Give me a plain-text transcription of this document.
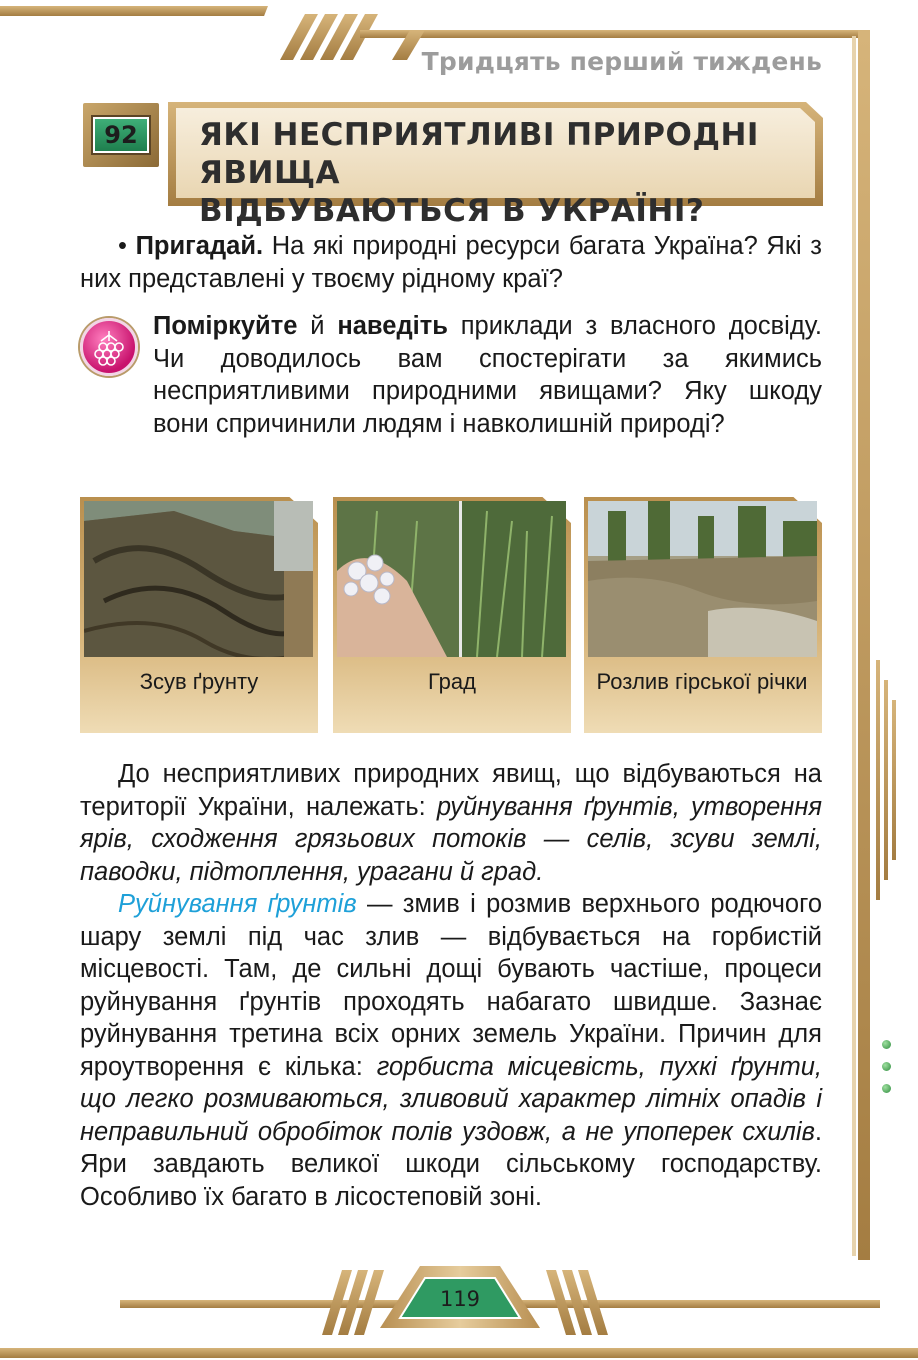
Тридцять перший тиждень
92	ЯКІ НЕСПРИЯТЛИВІ ПРИРОДНІ ЯВИЩА
ВІДБУВАЮТЬСЯ В УКРАЇНІ?
• Пригадай. На які природні ресурси багата Україна? Які з них представлені у твоєму рідному краї?
Поміркуйте й наведіть приклади з власного досвіду. Чи доводилось вам спостерігати за якимись несприятливими природними явищами? Яку шкоду вони спричинили людям і навколишній природі?
Зсув ґрунту	Град	Розлив гірської річки
До несприятливих природних явищ, що відбуваються на території України, належать: руйнування ґрунтів, утворення ярів, сходження грязьових потоків — селів, зсуви землі, паводки, підтоплення, урагани й град.
Руйнування ґрунтів — змив і розмив верхнього родючого шару землі під час злив — відбувається на горбистій місцевості. Там, де сильні дощі бувають частіше, процеси руйнування ґрунтів проходять набагато швидше. Зазнає руйнування третина всіх орних земель України. Причин для яроутворення є кілька: горбиста місцевість, пухкі ґрунти, що легко розмиваються, зливовий характер літніх опадів і неправильний обробіток полів уздовж, а не упоперек схилів. Яри завдають великої шкоди сільському господарству. Особливо їх багато в лісостеповій зоні.
119
